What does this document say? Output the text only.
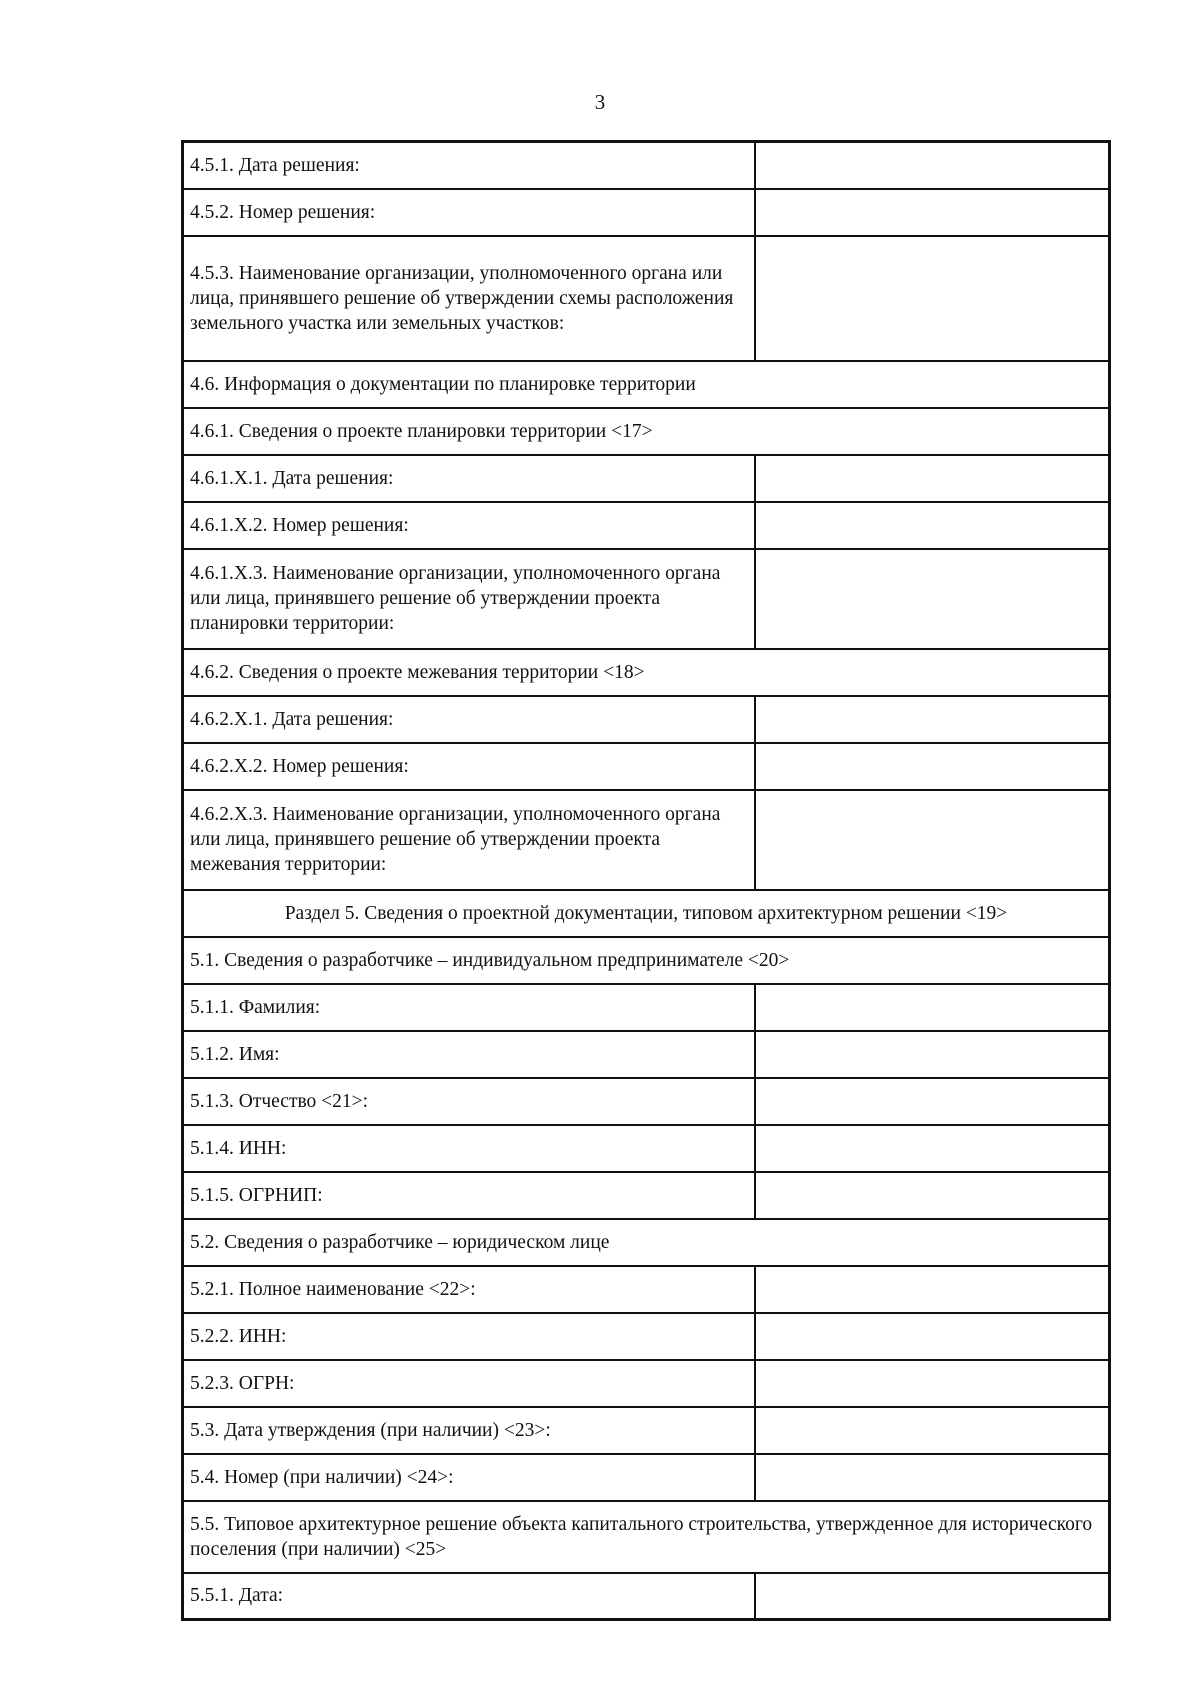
3
4.5.1. Дата решения:	
4.5.2. Номер решения:	
4.5.3. Наименование организации, уполномоченного органа или лица, принявшего решение об утверждении схемы расположения земельного участка или земельных участков:	
4.6. Информация о документации по планировке территории	
4.6.1. Сведения о проекте планировки территории <17>	
4.6.1.Х.1. Дата решения:	
4.6.1.Х.2. Номер решения:	
4.6.1.Х.3. Наименование организации, уполномоченного органа или лица, принявшего решение об утверждении проекта планировки территории:	
4.6.2. Сведения о проекте межевания территории <18>	
4.6.2.Х.1. Дата решения:	
4.6.2.Х.2. Номер решения:	
4.6.2.Х.3. Наименование организации, уполномоченного органа или лица, принявшего решение об утверждении проекта межевания территории:	
Раздел 5. Сведения о проектной документации, типовом архитектурном решении <19>	
5.1. Сведения о разработчике – индивидуальном предпринимателе <20>	
5.1.1. Фамилия:	
5.1.2. Имя:	
5.1.3. Отчество <21>:	
5.1.4. ИНН:	
5.1.5. ОГРНИП:	
5.2. Сведения о разработчике – юридическом лице	
5.2.1. Полное наименование <22>:	
5.2.2. ИНН:	
5.2.3. ОГРН:	
5.3. Дата утверждения (при наличии) <23>:	
5.4. Номер (при наличии) <24>:	
5.5. Типовое архитектурное решение объекта капитального строительства, утвержденное для исторического поселения (при наличии) <25>	
5.5.1. Дата:	
